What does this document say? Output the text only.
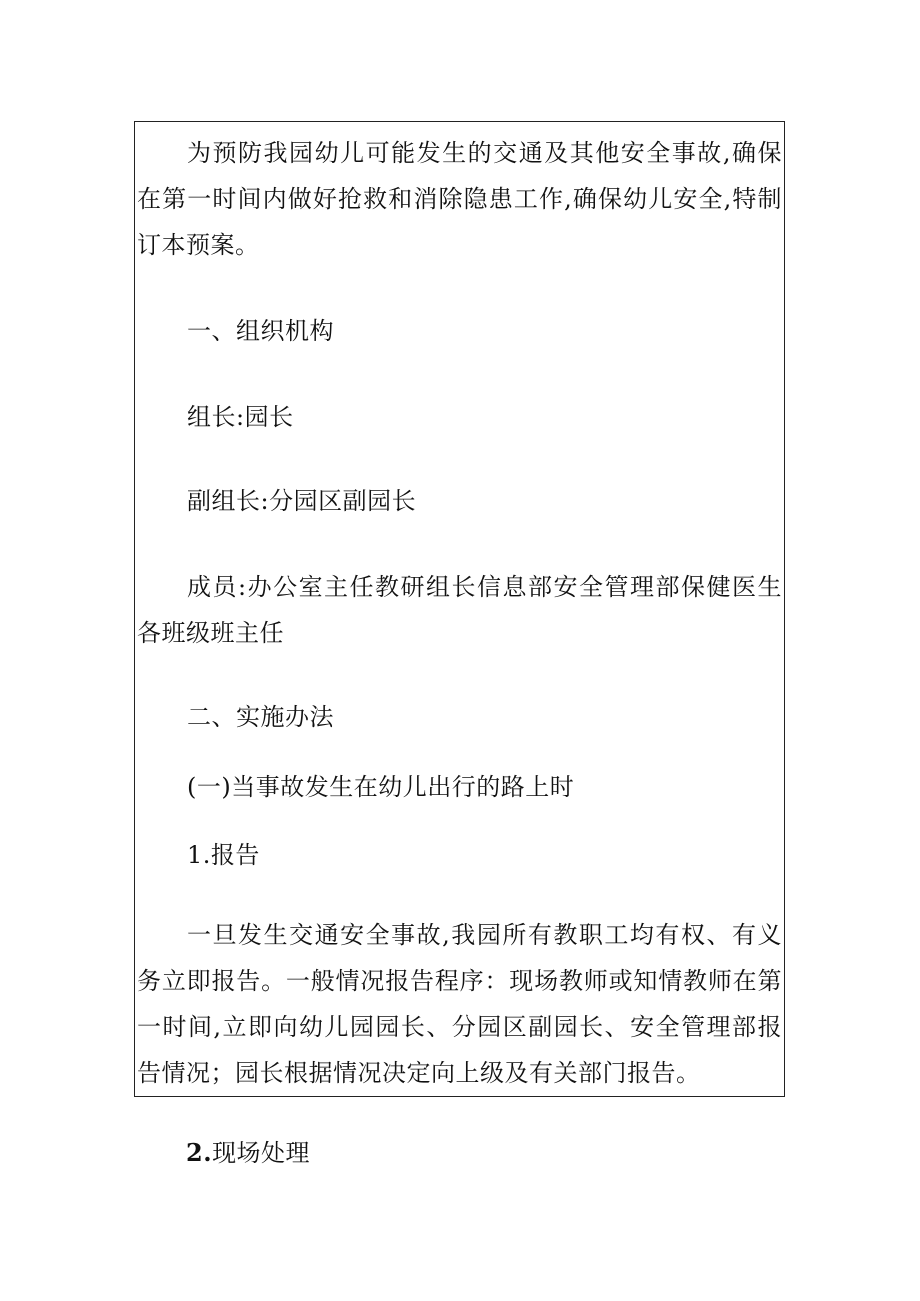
为预防我园幼儿可能发生的交通及其他安全事故,确保在第一时间内做好抢救和消除隐患工作,确保幼儿安全,特制订本预案。

一、组织机构

组长:园长

副组长:分园区副园长

成员:办公室主任教研组长信息部安全管理部保健医生各班级班主任

二、实施办法

(一)当事故发生在幼儿出行的路上时

1.报告

一旦发生交通安全事故,我园所有教职工均有权、有义务立即报告。一般情况报告程序：现场教师或知情教师在第一时间,立即向幼儿园园长、分园区副园长、安全管理部报告情况；园长根据情况决定向上级及有关部门报告。

2.现场处理
